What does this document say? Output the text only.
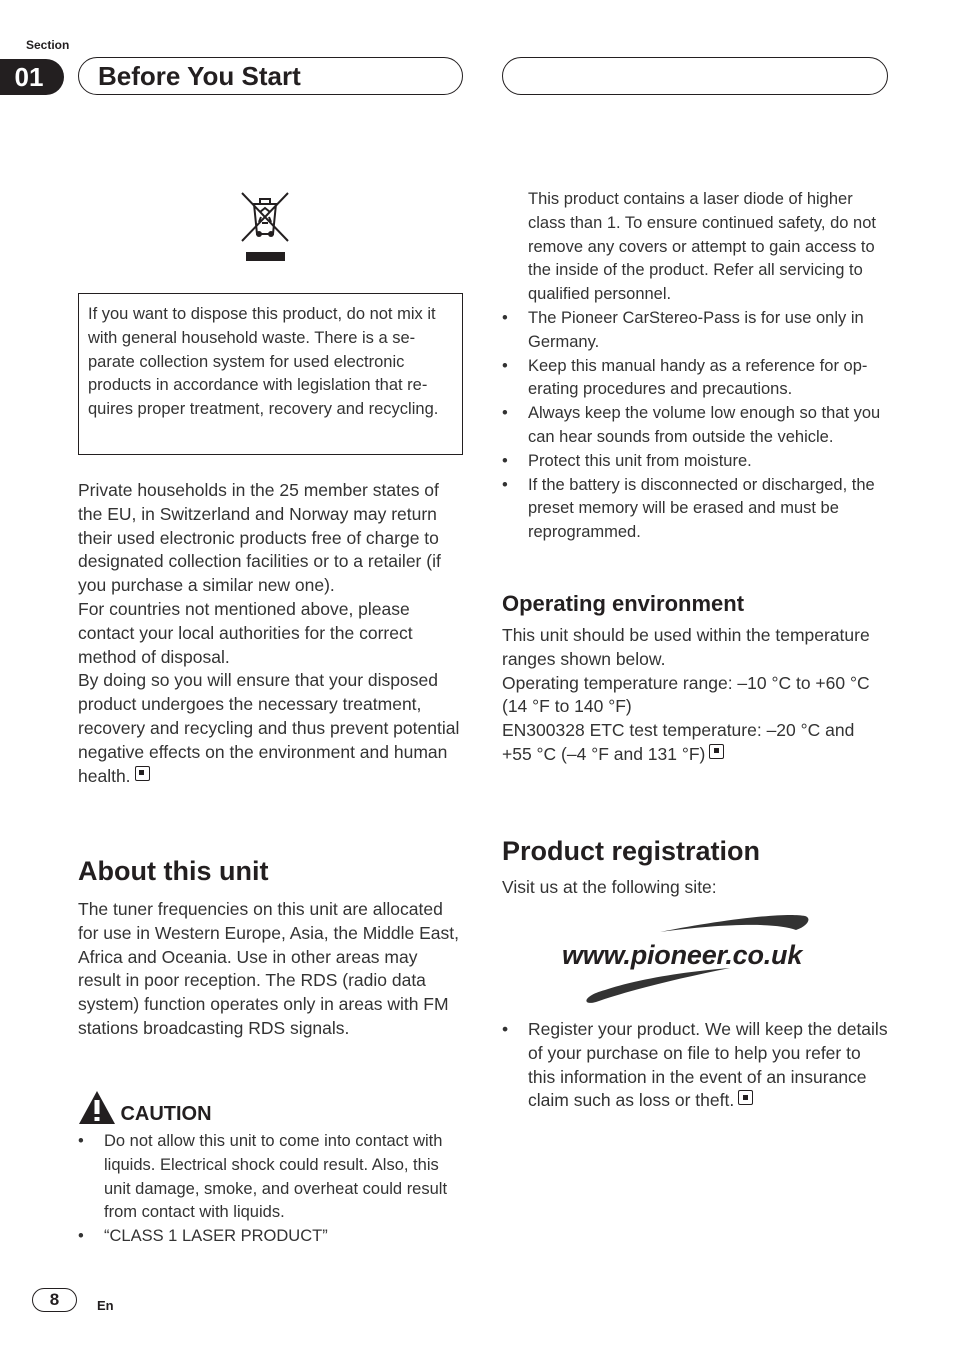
Section
01	Before You Start
If you want to dispose this product, do not mix it with general household waste. There is a separate collection system for used electronic products in accordance with legislation that requires proper treatment, recovery and recycling.
Private households in the 25 member states of the EU, in Switzerland and Norway may return their used electronic products free of charge to designated collection facilities or to a retailer (if you purchase a similar new one).
For countries not mentioned above, please contact your local authorities for the correct method of disposal.
By doing so you will ensure that your disposed product undergoes the necessary treatment, recovery and recycling and thus prevent potential negative effects on the environment and human health.
About this unit
The tuner frequencies on this unit are allocated for use in Western Europe, Asia, the Middle East, Africa and Oceania. Use in other areas may result in poor reception. The RDS (radio data system) function operates only in areas with FM stations broadcasting RDS signals.
CAUTION
• Do not allow this unit to come into contact with liquids. Electrical shock could result. Also, this unit damage, smoke, and overheat could result from contact with liquids.
• “CLASS 1 LASER PRODUCT”
This product contains a laser diode of higher class than 1. To ensure continued safety, do not remove any covers or attempt to gain access to the inside of the product. Refer all servicing to qualified personnel.
• The Pioneer CarStereo-Pass is for use only in Germany.
• Keep this manual handy as a reference for operating procedures and precautions.
• Always keep the volume low enough so that you can hear sounds from outside the vehicle.
• Protect this unit from moisture.
• If the battery is disconnected or discharged, the preset memory will be erased and must be reprogrammed.
Operating environment
This unit should be used within the temperature ranges shown below.
Operating temperature range: –10 °C to +60 °C (14 °F to 140 °F)
EN300328 ETC test temperature: –20 °C and +55 °C (–4 °F and 131 °F)
Product registration
Visit us at the following site:
www.pioneer.co.uk
• Register your product. We will keep the details of your purchase on file to help you refer to this information in the event of an insurance claim such as loss or theft.
8	En
